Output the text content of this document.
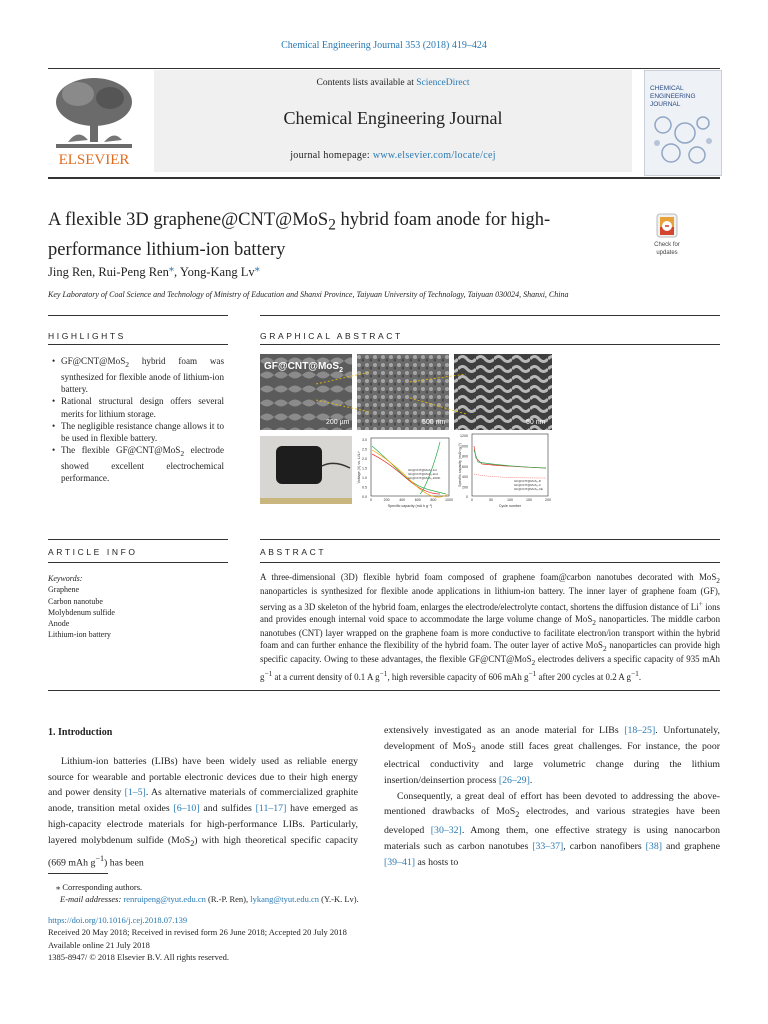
Chemical Engineering Journal 353 (2018) 419–424
Contents lists available at ScienceDirect
Chemical Engineering Journal
journal homepage: www.elsevier.com/locate/cej
ELSEVIER
CHEMICAL
ENGINEERING
JOURNAL
A flexible 3D graphene@CNT@MoS$_2$ hybrid foam anode for high-performance lithium-ion battery	Check for
updates
Jing Ren, Rui-Peng Ren⁎, Yong-Kang Lv⁎
Key Laboratory of Coal Science and Technology of Ministry of Education and Shanxi Province, Taiyuan University of Technology, Taiyuan 030024, Shanxi, China
HIGHLIGHTS	GRAPHICAL ABSTRACT
• GF@CNT@MoS$_2$ hybrid foam was synthesized for flexible anode of lithium-ion battery.
• Rational structural design offers several merits for lithium storage.
• The negligible resistance change allows it to be used in flexible battery.
• The flexible GF@CNT@MoS$_2$ electrode showed excellent electrochemical performance.
GF@CNT@MoS$_2$
200 µm	500 nm	50 nm
3.0
2.5
2.0
1.5
1.0
0.5
0.0
0	200	400	600	800 1000
Specific capacity (mA h g⁻¹)
Voltage (V) vs. Li/Li⁺	GF@CNT@MoS₂-1st
GF@CNT@MoS₂-2nd
GF@CNT@MoS₂-100th
1200
1000
800
600
400
200
0
0	50	100	150	200
Cycle number
Specific capacity (mAh g⁻¹)	GF@CNT@MoS₂-D
GF@CNT@MoS₂-C
GF@CNT@MoS₂-CE
ARTICLE INFO	ABSTRACT
Keywords:
Graphene
Carbon nanotube
Molybdenum sulfide
Anode
Lithium-ion battery
A three-dimensional (3D) flexible hybrid foam composed of graphene foam@carbon nanotubes decorated with MoS$_2$ nanoparticles is synthesized for flexible anode applications in lithium-ion battery. The inner layer of graphene foam (GF), serving as a 3D skeleton of the hybrid foam, enlarges the electrode/electrolyte contact, shortens the diffusion distance of Li+ ions and provides enough internal void space to accommodate the large volume change of MoS$_2$ nanoparticles. The middle carbon nanotubes (CNT) layer wrapped on the graphene foam is more conductive to facilitate electron/ion transport within the hybrid foam and can further enhance the flexibility of the hybrid foam. The outer layer of active MoS$_2$ nanoparticles can provide high specific capacity. Owing to these advantages, the flexible GF@CNT@MoS$_2$ electrodes delivers a specific capacity of 935 mAh $g^{-1}$ at a current density of 0.1 A $g^{-1}$, high reversible capacity of 606 mAh $g^{-1}$ after 200 cycles at 0.2 A $g^{-1}$.
1. Introduction

Lithium-ion batteries (LIBs) have been widely used as reliable energy source for wearable and portable electronic devices due to their high energy and power density [1–5]. As alternative materials of commercialized graphite anode, transition metal oxides [6–10] and sulfides [11–17] have emerged as high-capacity electrode materials for high-performance LIBs. Particularly, layered molybdenum sulfide (MoS$_2$) with high theoretical specific capacity (669 mAh $g^{-1}$) has been

extensively investigated as an anode material for LIBs [18–25]. Unfortunately, development of MoS$_2$ anode still faces great challenges. For instance, the poor electrical conductivity and large volumetric change during the lithium insertion/deinsertion process [26–29].

Consequently, a great deal of effort has been devoted to addressing the above-mentioned drawbacks of MoS$_2$ electrodes, and various strategies have been developed [30–32]. Among them, one effective strategy is using nanocarbon materials such as carbon nanotubes [33–37], carbon nanofibers [38] and graphene [39–41] as hosts to

⁎ Corresponding authors.
E-mail addresses: renruipeng@tyut.edu.cn (R.-P. Ren), lykang@tyut.edu.cn (Y.-K. Lv).
https://doi.org/10.1016/j.cej.2018.07.139
Received 20 May 2018; Received in revised form 26 June 2018; Accepted 20 July 2018
Available online 21 July 2018
1385-8947/ © 2018 Elsevier B.V. All rights reserved.
